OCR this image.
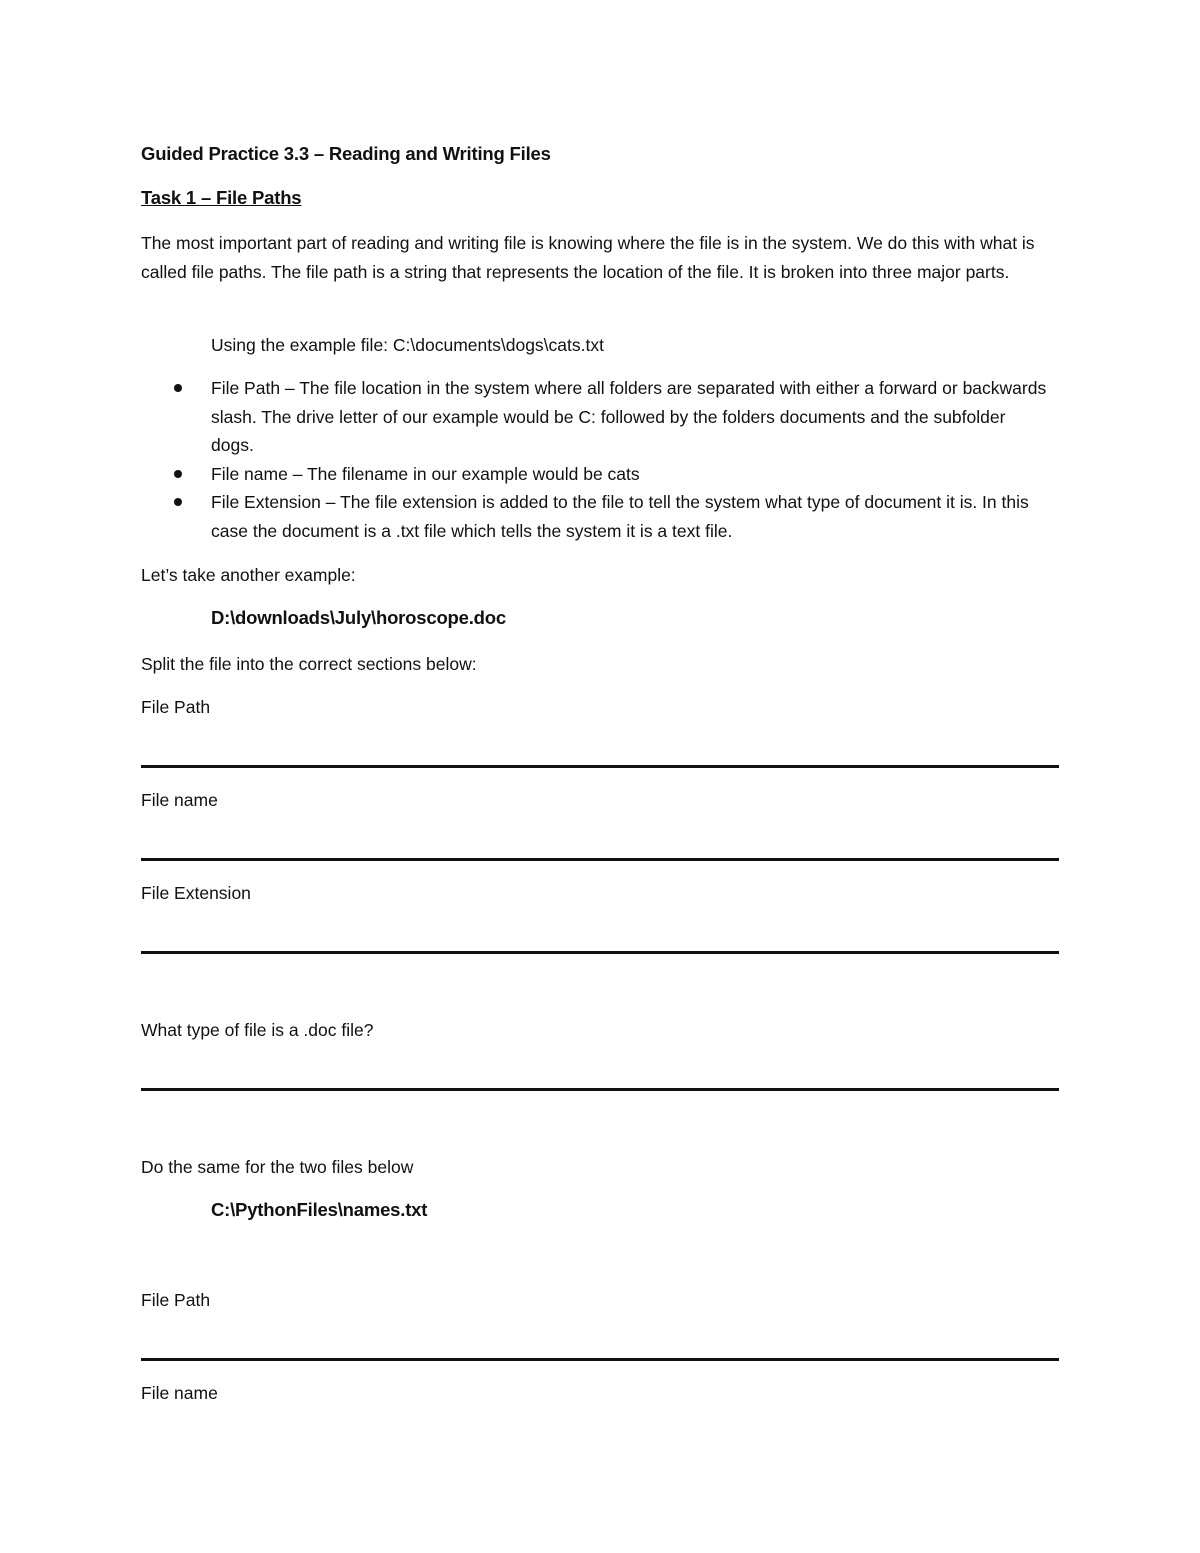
Guided Practice 3.3 – Reading and Writing Files
Task 1 – File Paths
The most important part of reading and writing file is knowing where the file is in the system. We do this with what is called file paths. The file path is a string that represents the location of the file. It is broken into three major parts.
Using the example file: C:\documents\dogs\cats.txt
File Path – The file location in the system where all folders are separated with either a forward or backwards slash. The drive letter of our example would be C: followed by the folders documents and the subfolder dogs.
File name – The filename in our example would be cats
File Extension – The file extension is added to the file to tell the system what type of document it is. In this case the document is a .txt file which tells the system it is a text file.
Let’s take another example:
D:\downloads\July\horoscope.doc
Split the file into the correct sections below:
File Path
File name
File Extension
What type of file is a .doc file?
Do the same for the two files below
C:\PythonFiles\names.txt
File Path
File name
